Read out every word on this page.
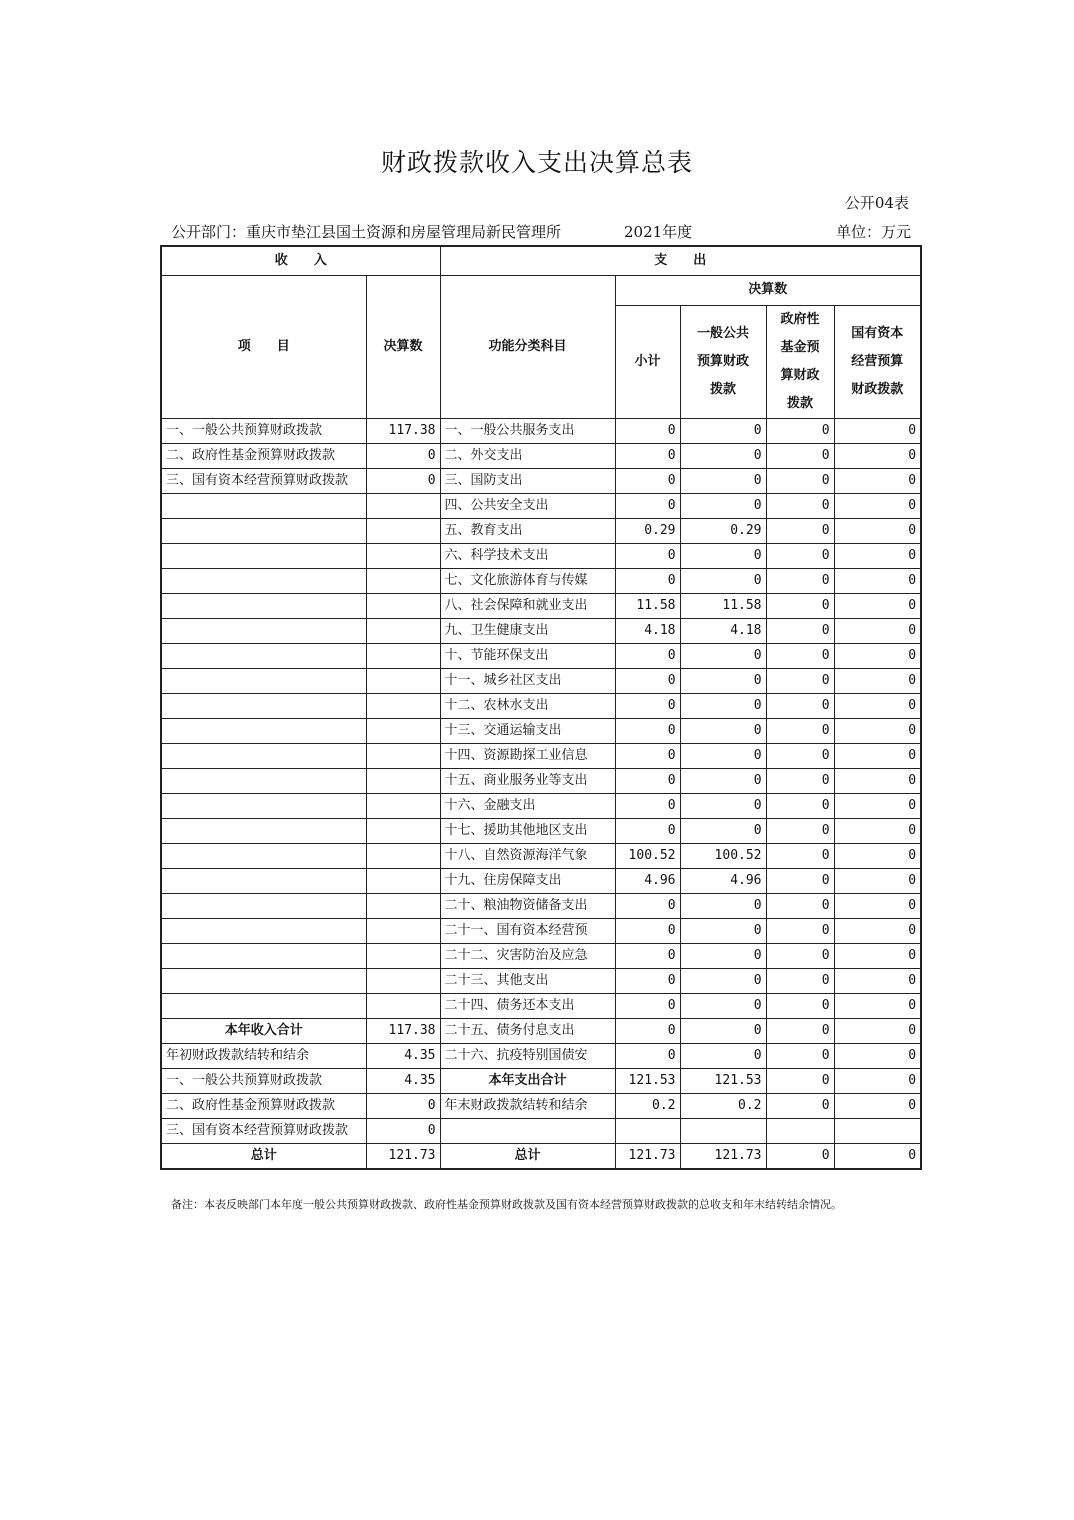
财政拨款收入支出决算总表
公开04表
公开部门：重庆市垫江县国土资源和房屋管理局新民管理所	2021年度	单位：万元
收　　入		支　　出				
项　　目	决算数	功能分类科目	决算数			
			小计	一般公共预算财政拨款	政府性基金预算财政拨款	国有资本经营预算财政拨款
一、一般公共预算财政拨款	117.38	一、一般公共服务支出	0	0	0	0
二、政府性基金预算财政拨款	0	二、外交支出	0	0	0	0
三、国有资本经营预算财政拨款	0	三、国防支出	0	0	0	0
		四、公共安全支出	0	0	0	0
		五、教育支出	0.29	0.29	0	0
		六、科学技术支出	0	0	0	0
		七、文化旅游体育与传媒	0	0	0	0
		八、社会保障和就业支出	11.58	11.58	0	0
		九、卫生健康支出	4.18	4.18	0	0
		十、节能环保支出	0	0	0	0
		十一、城乡社区支出	0	0	0	0
		十二、农林水支出	0	0	0	0
		十三、交通运输支出	0	0	0	0
		十四、资源勘探工业信息	0	0	0	0
		十五、商业服务业等支出	0	0	0	0
		十六、金融支出	0	0	0	0
		十七、援助其他地区支出	0	0	0	0
		十八、自然资源海洋气象	100.52	100.52	0	0
		十九、住房保障支出	4.96	4.96	0	0
		二十、粮油物资储备支出	0	0	0	0
		二十一、国有资本经营预	0	0	0	0
		二十二、灾害防治及应急	0	0	0	0
		二十三、其他支出	0	0	0	0
		二十四、债务还本支出	0	0	0	0
本年收入合计	117.38	二十五、债务付息支出	0	0	0	0
年初财政拨款结转和结余	4.35	二十六、抗疫特别国债安	0	0	0	0
一、一般公共预算财政拨款	4.35	本年支出合计	121.53	121.53	0	0
二、政府性基金预算财政拨款	0	年末财政拨款结转和结余	0.2	0.2	0	0
三、国有资本经营预算财政拨款	0					
总计	121.73	总计	121.73	121.73	0	0
备注：本表反映部门本年度一般公共预算财政拨款、政府性基金预算财政拨款及国有资本经营预算财政拨款的总收支和年末结转结余情况。
